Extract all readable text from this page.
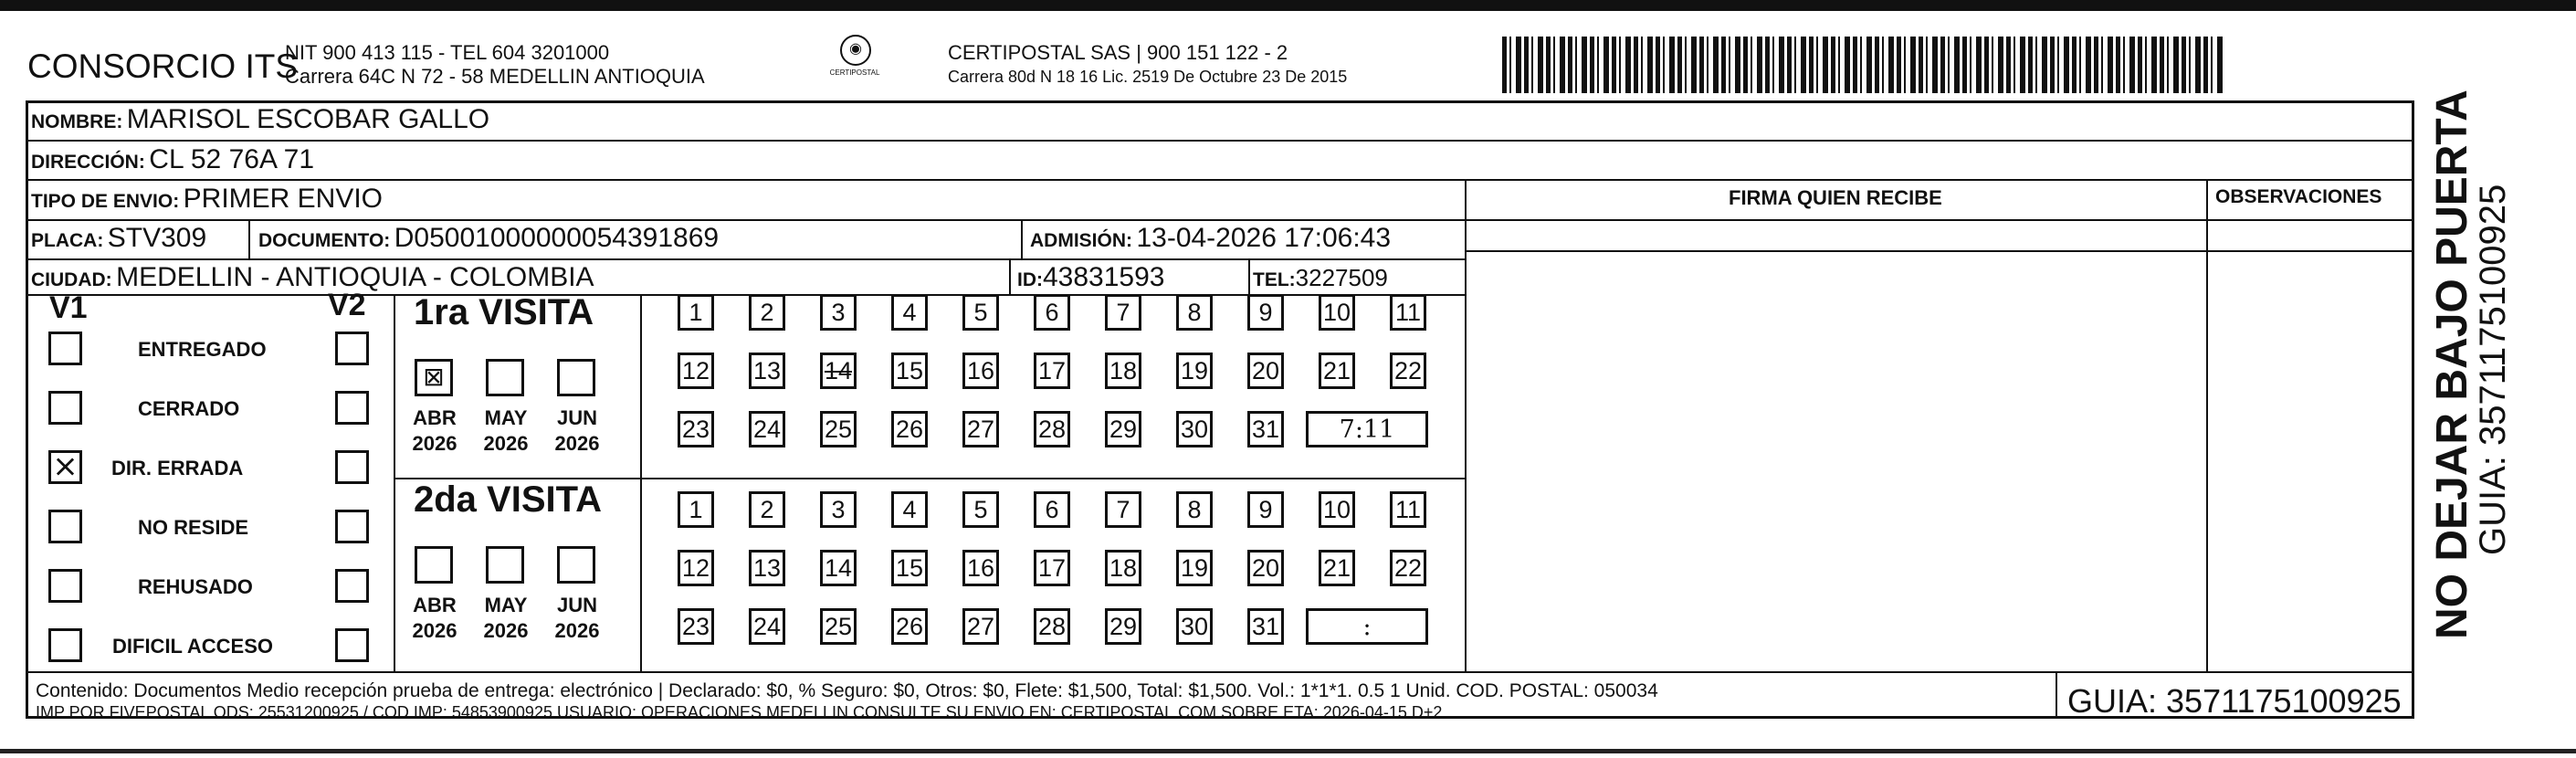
CONSORCIO ITS
NIT 900 413 115 - TEL 604 3201000
Carrera 64C N 72 - 58 MEDELLIN ANTIOQUIA
◉
CERTIPOSTAL
CERTIPOSTAL SAS | 900 151 122 - 2
Carrera 80d N 18 16 Lic. 2519 De Octubre 23 De 2015
NOMBRE: MARISOL ESCOBAR GALLO
DIRECCIÓN: CL 52 76A 71
TIPO DE ENVIO: PRIMER ENVIO	FIRMA QUIEN RECIBE	OBSERVACIONES
PLACA: STV309	DOCUMENTO: D05001000000054391869	ADMISIÓN: 13-04-2026 17:06:43
CIUDAD: MEDELLIN - ANTIOQUIA - COLOMBIA	ID:43831593	TEL:3227509
V1	V2
ENTREGADO
CERRADO
⨯ DIR. ERRADA
NO RESIDE
REHUSADO
DIFICIL ACCESO
1ra VISITA
2da VISITA
⊠
ABR
2026
MAY
2026
JUN
2026
ABR
2026
MAY
2026
JUN
2026
1	2	3	4	5	6	7	8	9	10 11
12 13 14 15 16 17 18 19 20 21 22
23 24 25 26 27 28 29 30 31	7:11
1	2	3	4	5	6	7	8	9	10 11
12 13 14 15 16 17 18 19 20 21 22
23 24 25 26 27 28 29 30 31	:
Contenido: Documentos Medio recepción prueba de entrega: electrónico | Declarado: $0, % Seguro: $0, Otros: $0, Flete: $1,500, Total: $1,500. Vol.: 1*1*1. 0.5 1 Unid. COD. POSTAL: 050034
IMP POR FIVEPOSTAL ODS: 25531200925 / COD.IMP: 54853900925 USUARIO: OPERACIONES MEDELLIN CONSULTE SU ENVIO EN: CERTIPOSTAL.COM SOBRE ETA: 2026-04-15 D+2	GUIA: 3571175100925
NO DEJAR BAJO PUERTA
GUIA: 3571175100925
